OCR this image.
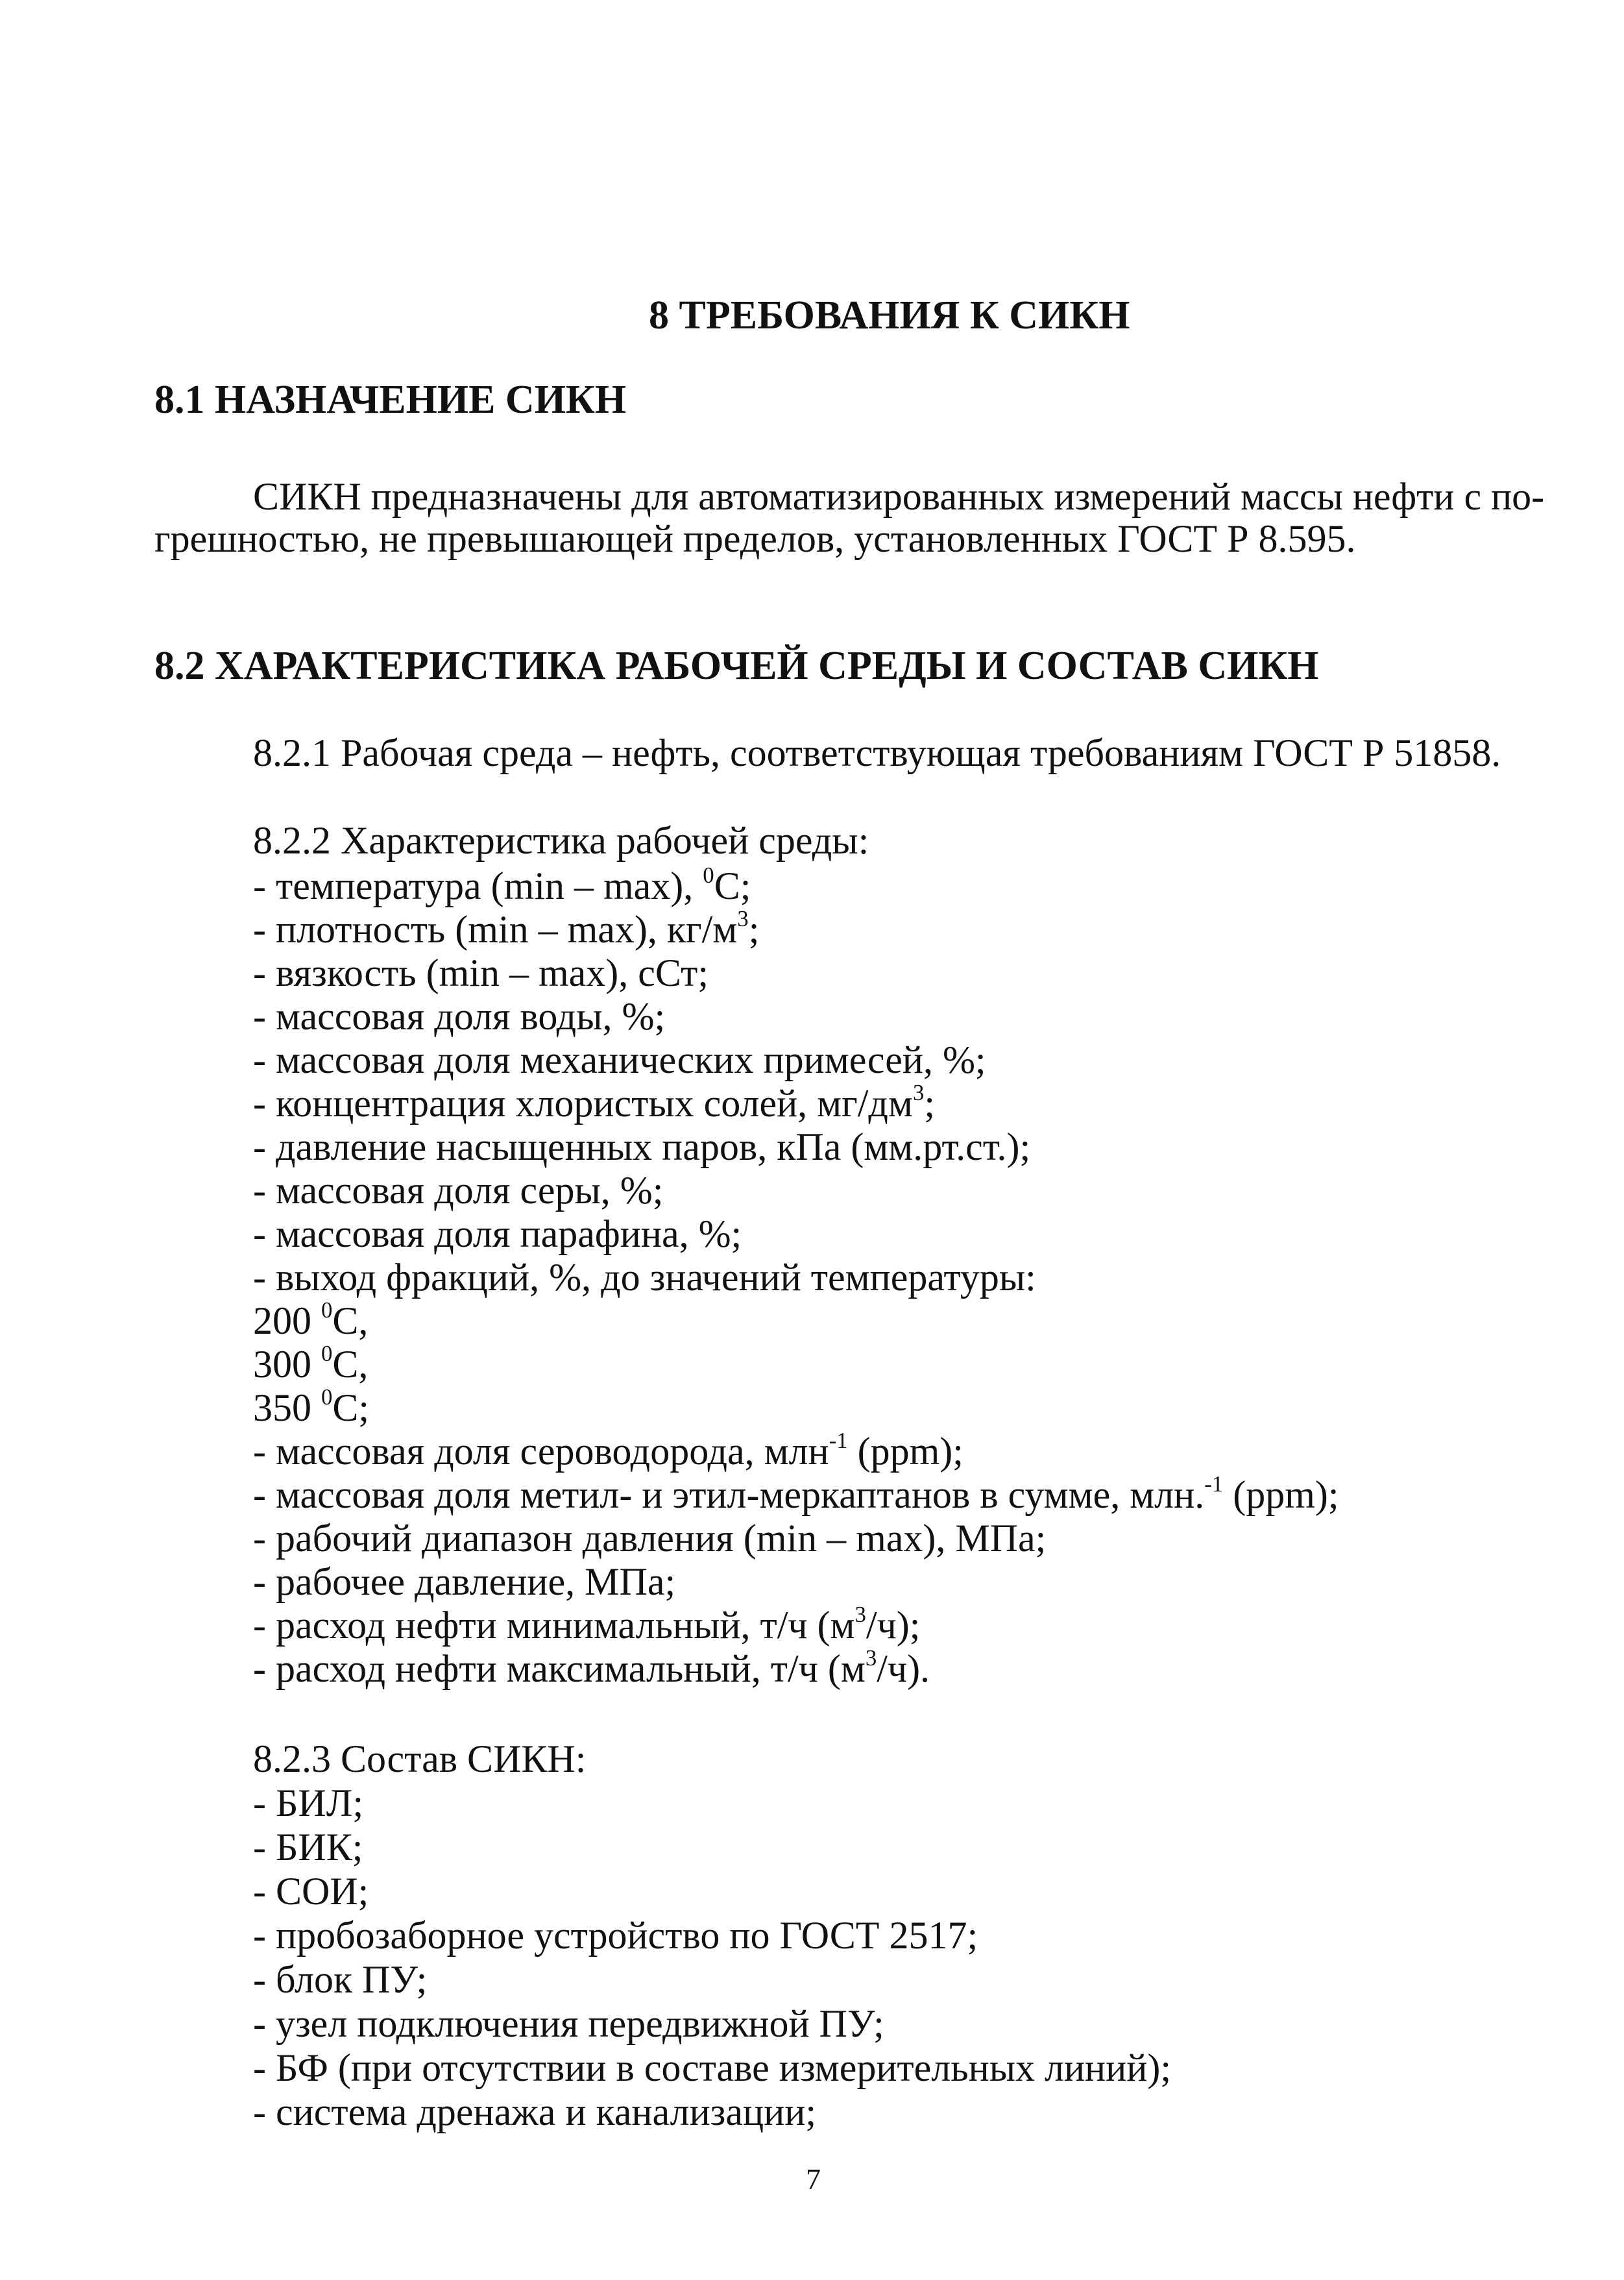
8 ТРЕБОВАНИЯ К СИКН
8.1 НАЗНАЧЕНИЕ СИКН
СИКН предназначены для автоматизированных измерений массы нефти с по-
грешностью, не превышающей пределов, установленных ГОСТ Р 8.595.
8.2 ХАРАКТЕРИСТИКА РАБОЧЕЙ СРЕДЫ И СОСТАВ СИКН
8.2.1 Рабочая среда – нефть, соответствующая требованиям ГОСТ Р 51858.
8.2.2 Характеристика рабочей среды:
- температура (min – max), $^0$С;
- плотность (min – max), $кг/м^3$;
- вязкость (min – max), сСт;
- массовая доля воды, %;
- массовая доля механических примесей, %;
- концентрация хлористых солей, $мг/дм^3$;
- давление насыщенных паров, кПа (мм.рт.ст.);
- массовая доля серы, %;
- массовая доля парафина, %;
- выход фракций, %, до значений температуры:
200 $^0$С,
300 $^0$С,
350 $^0$С;
- массовая доля сероводорода, млн$^{-1}$ (ppm);
- массовая доля метил- и этил-меркаптанов в сумме, млн.$^{-1}$ (ppm);
- рабочий диапазон давления (min – max), МПа;
- рабочее давление, МПа;
- расход нефти минимальный, т/ч $(м^3/ч)$;
- расход нефти максимальный, т/ч $(м^3/ч)$.
8.2.3 Состав СИКН:
- БИЛ;
- БИК;
- СОИ;
- пробозаборное устройство по ГОСТ 2517;
- блок ПУ;
- узел подключения передвижной ПУ;
- БФ (при отсутствии в составе измерительных линий);
- система дренажа и канализации;
7
